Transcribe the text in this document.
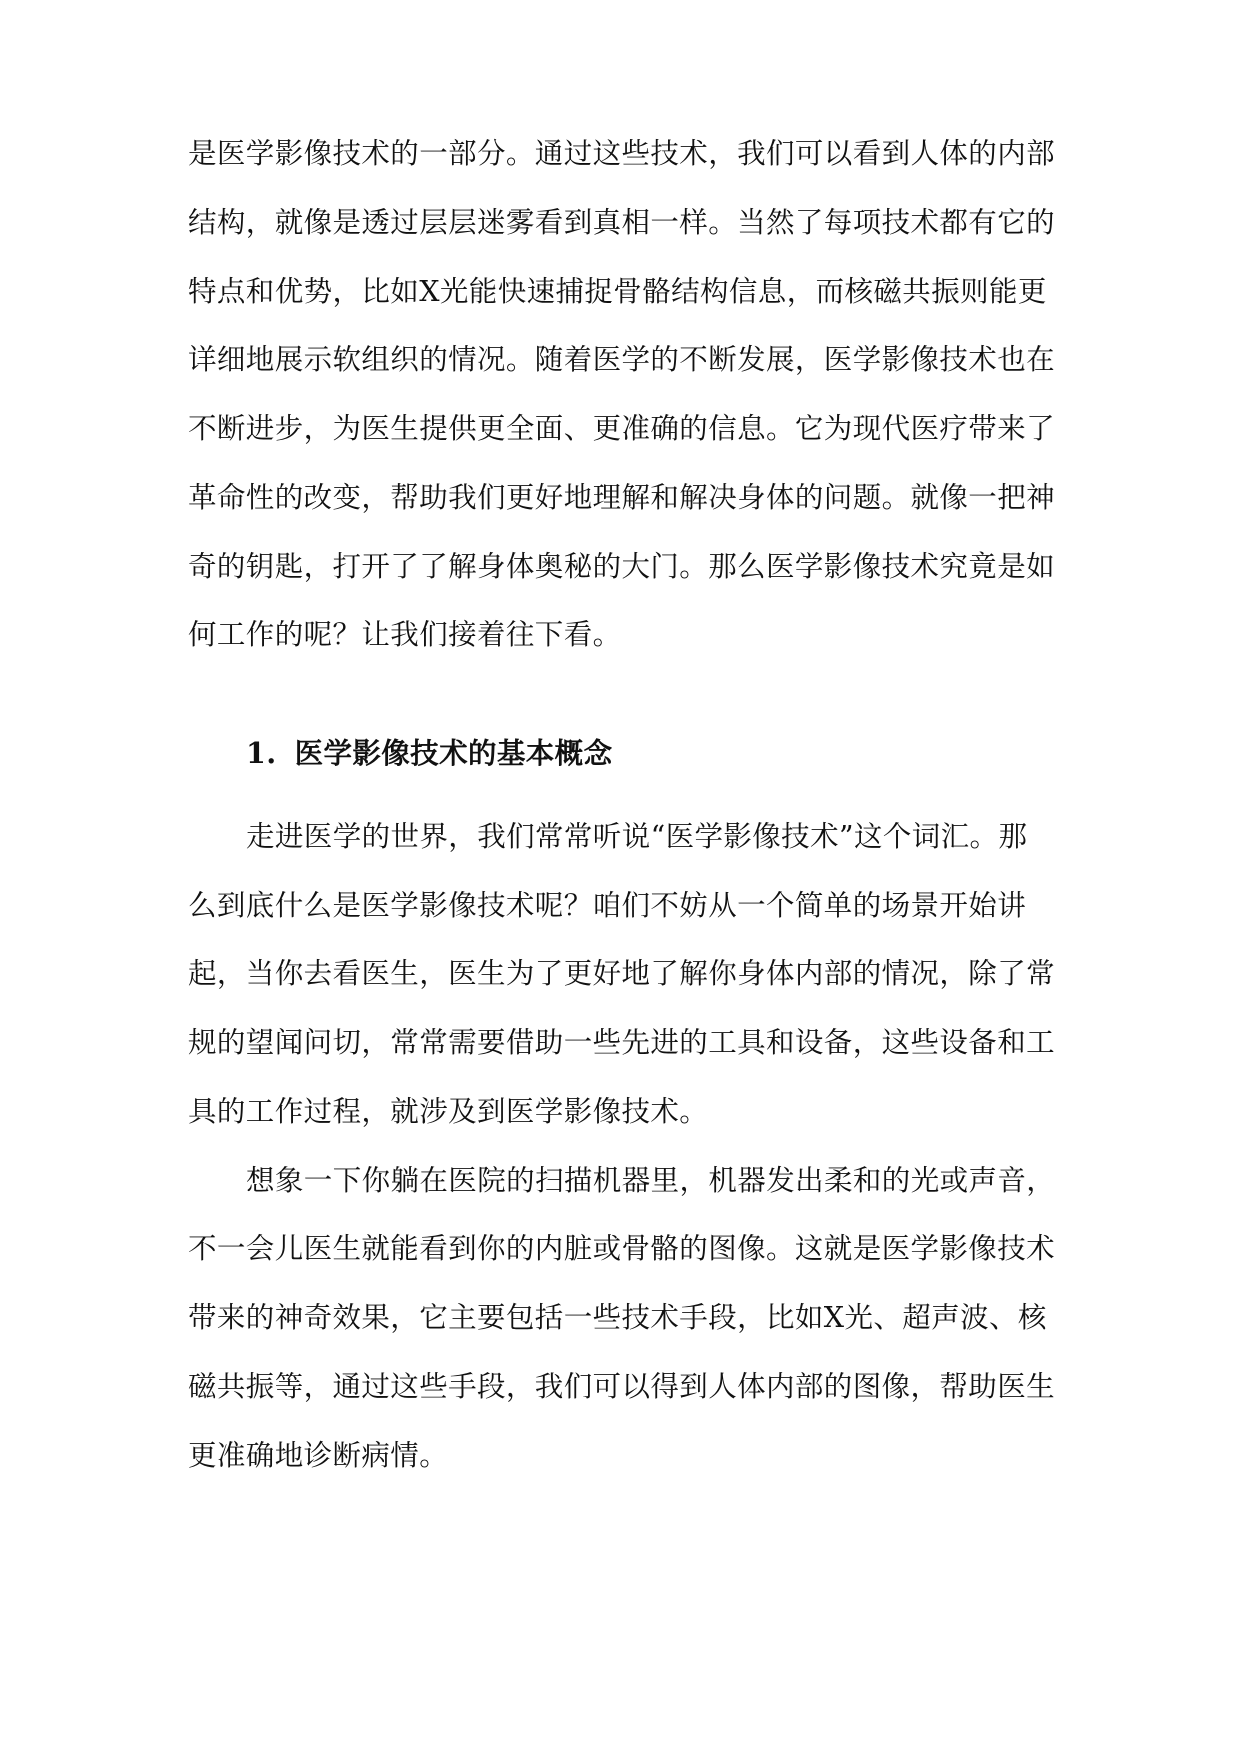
是医学影像技术的一部分。通过这些技术，我们可以看到人体的内部
结构，就像是透过层层迷雾看到真相一样。当然了每项技术都有它的
特点和优势，比如X光能快速捕捉骨骼结构信息，而核磁共振则能更
详细地展示软组织的情况。随着医学的不断发展，医学影像技术也在
不断进步，为医生提供更全面、更准确的信息。它为现代医疗带来了
革命性的改变，帮助我们更好地理解和解决身体的问题。就像一把神
奇的钥匙，打开了了解身体奥秘的大门。那么医学影像技术究竟是如
何工作的呢？让我们接着往下看。
1. 医学影像技术的基本概念
走进医学的世界，我们常常听说“医学影像技术”这个词汇。那
么到底什么是医学影像技术呢？咱们不妨从一个简单的场景开始讲
起，当你去看医生，医生为了更好地了解你身体内部的情况，除了常
规的望闻问切，常常需要借助一些先进的工具和设备，这些设备和工
具的工作过程，就涉及到医学影像技术。
想象一下你躺在医院的扫描机器里，机器发出柔和的光或声音，
不一会儿医生就能看到你的内脏或骨骼的图像。这就是医学影像技术
带来的神奇效果，它主要包括一些技术手段，比如X光、超声波、核
磁共振等，通过这些手段，我们可以得到人体内部的图像，帮助医生
更准确地诊断病情。
